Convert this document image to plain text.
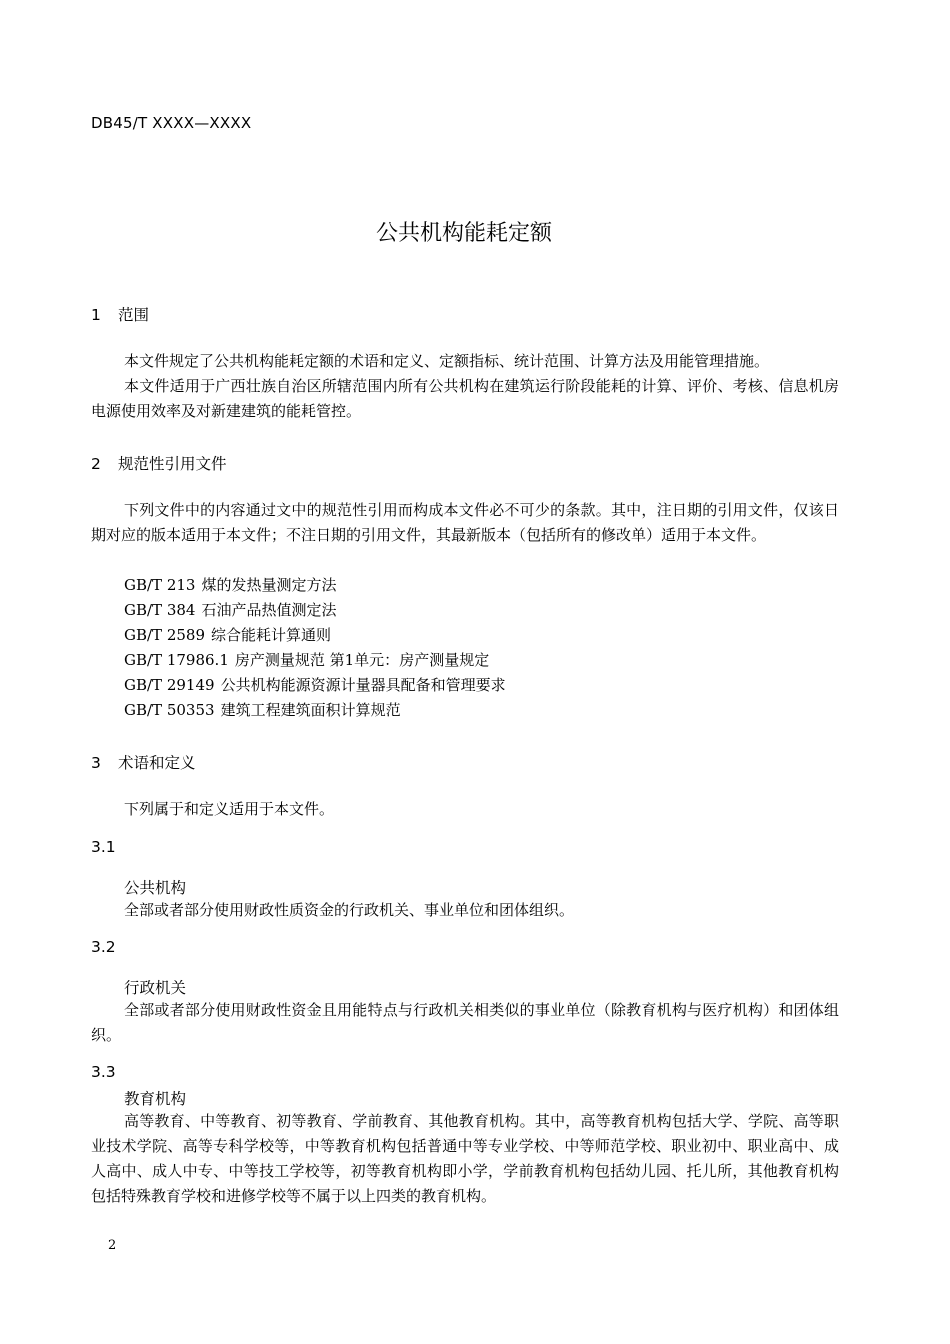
DB45/T XXXX—XXXX
公共机构能耗定额
1 范围
本文件规定了公共机构能耗定额的术语和定义、定额指标、统计范围、计算方法及用能管理措施。
本文件适用于广西壮族自治区所辖范围内所有公共机构在建筑运行阶段能耗的计算、评价、考核、信息机房电源使用效率及对新建建筑的能耗管控。
2 规范性引用文件
下列文件中的内容通过文中的规范性引用而构成本文件必不可少的条款。其中，注日期的引用文件，仅该日期对应的版本适用于本文件；不注日期的引用文件，其最新版本（包括所有的修改单）适用于本文件。
GB/T 213 煤的发热量测定方法
GB/T 384 石油产品热值测定法
GB/T 2589 综合能耗计算通则
GB/T 17986.1 房产测量规范 第1单元：房产测量规定
GB/T 29149 公共机构能源资源计量器具配备和管理要求
GB/T 50353 建筑工程建筑面积计算规范
3 术语和定义
下列属于和定义适用于本文件。
3.1
公共机构
全部或者部分使用财政性质资金的行政机关、事业单位和团体组织。
3.2
行政机关
全部或者部分使用财政性资金且用能特点与行政机关相类似的事业单位（除教育机构与医疗机构）和团体组织。
3.3
教育机构
高等教育、中等教育、初等教育、学前教育、其他教育机构。其中，高等教育机构包括大学、学院、高等职业技术学院、高等专科学校等，中等教育机构包括普通中等专业学校、中等师范学校、职业初中、职业高中、成人高中、成人中专、中等技工学校等，初等教育机构即小学，学前教育机构包括幼儿园、托儿所，其他教育机构包括特殊教育学校和进修学校等不属于以上四类的教育机构。
2
